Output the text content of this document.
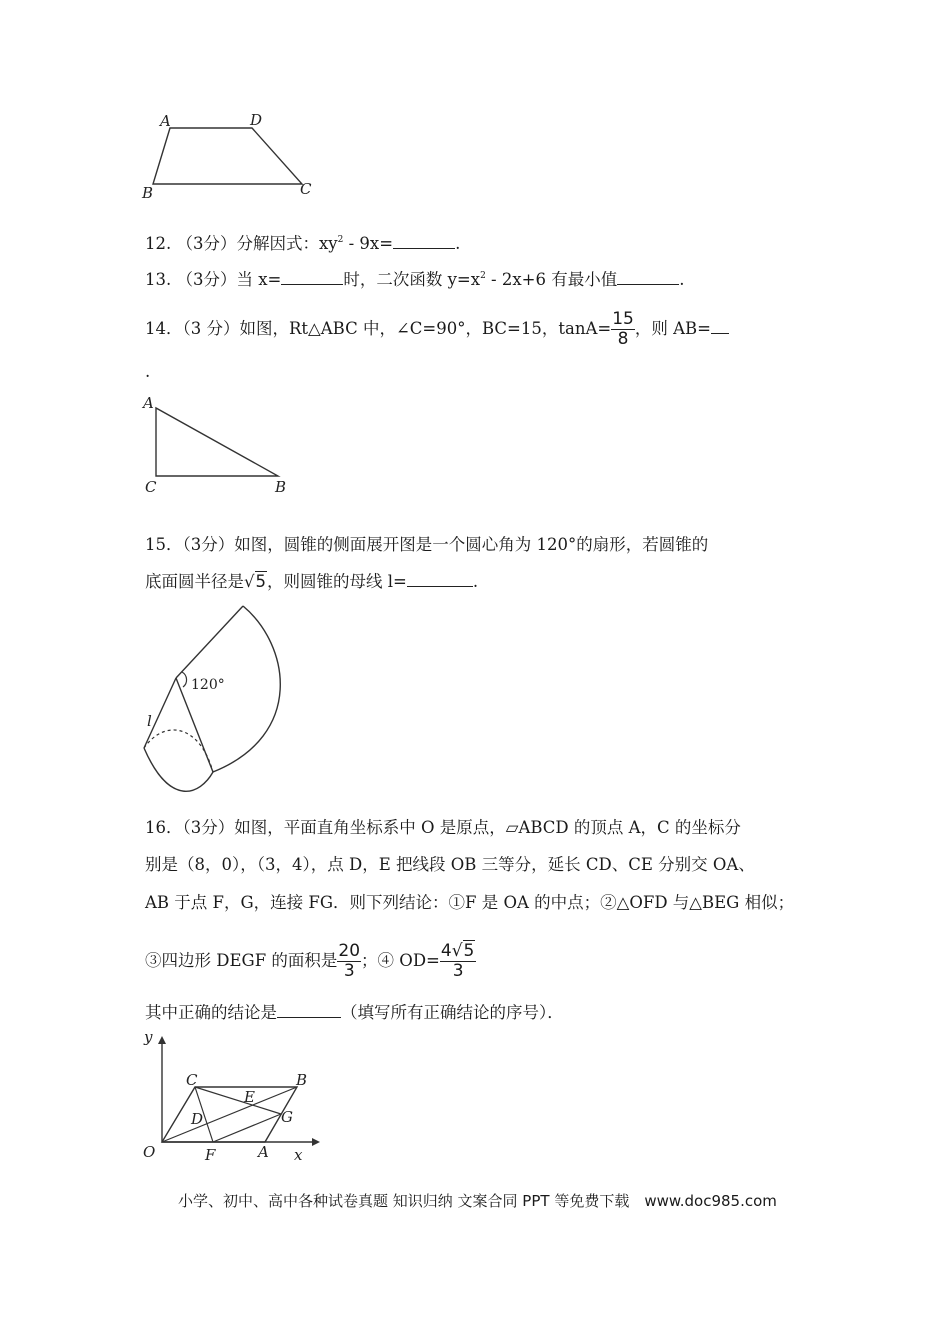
A	D
B	C
12. （3分）分解因式：$xy^2 - 9x=$	.
13. （3分）当 x=	时，二次函数 $y=x^2 - 2x+6$ 有最小值	.
14．（3 分）如图，Rt△ABC 中，∠C=90°，BC=15，$\tan A= \frac{15}{8}$ ，则 AB=
.
A
C	B
15．（3分）如图，圆锥的侧面展开图是一个圆心角为 120°的扇形，若圆锥的
底面圆半径是√5，则圆锥的母线 l=	.
120°
l
16．（3分）如图，平面直角坐标系中 O 是原点，▱ABCD 的顶点 A，C 的坐标分
别是（8，0），（3，4），点 D，E 把线段 OB 三等分，延长 CD、CE 分别交 OA、
AB 于点 F，G，连接 FG．则下列结论：①F 是 OA 的中点；②△OFD 与△BEG 相似；
③四边形 DEGF 的面积是 $\frac{20}{3}$ ；④ $OD= \frac{4√5}{3}$
其中正确的结论是	（填写所有正确结论的序号）．
y
x
O	F	A
C	B
D
E
G
小学、初中、高中各种试卷真题 知识归纳 文案合同 PPT 等免费下载　www.doc985.com
